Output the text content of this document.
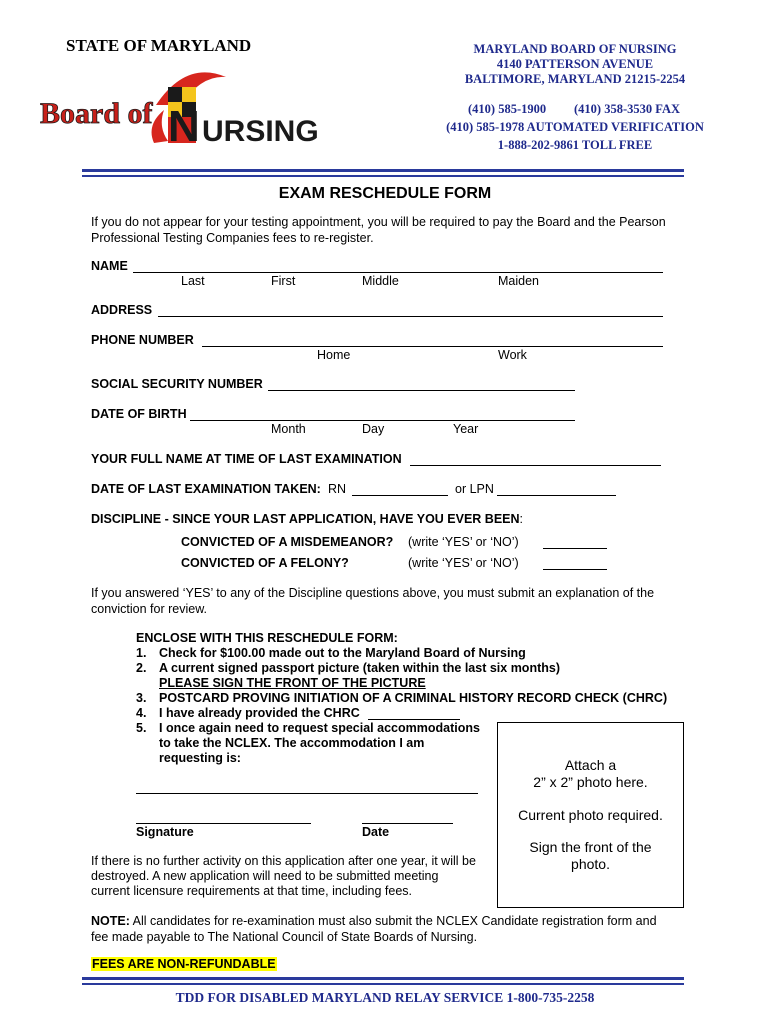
STATE OF MARYLAND
Board of N URSING
MARYLAND BOARD OF NURSING
4140 PATTERSON AVENUE
BALTIMORE, MARYLAND 21215-2254
(410) 585-1900 (410) 358-3530 FAX
(410) 585-1978 AUTOMATED VERIFICATION
1-888-202-9861 TOLL FREE
EXAM RESCHEDULE FORM
If you do not appear for your testing appointment, you will be required to pay the Board and the Pearson
Professional Testing Companies fees to re-register.
NAME
Last	First	Middle	Maiden
ADDRESS
PHONE NUMBER
Home	Work
SOCIAL SECURITY NUMBER
DATE OF BIRTH
Month	Day	Year
YOUR FULL NAME AT TIME OF LAST EXAMINATION
DATE OF LAST EXAMINATION TAKEN: RN	or LPN
DISCIPLINE - SINCE YOUR LAST APPLICATION, HAVE YOU EVER BEEN:
CONVICTED OF A MISDEMEANOR? (write ‘YES’ or ‘NO’)
CONVICTED OF A FELONY?	(write ‘YES’ or ‘NO’)
If you answered ‘YES’ to any of the Discipline questions above, you must submit an explanation of the
conviction for review.
ENCLOSE WITH THIS RESCHEDULE FORM:
1. Check for $100.00 made out to the Maryland Board of Nursing
2. A current signed passport picture (taken within the last six months)
PLEASE SIGN THE FRONT OF THE PICTURE
3. POSTCARD PROVING INITIATION OF A CRIMINAL HISTORY RECORD CHECK (CHRC)
4. I have already provided the CHRC
5. I once again need to request special accommodations
to take the NCLEX. The accommodation I am
requesting is:
Signature	Date
If there is no further activity on this application after one year, it will be
destroyed. A new application will need to be submitted meeting
current licensure requirements at that time, including fees.
Attach a
2” x 2” photo here.
Current photo required.
Sign the front of the
photo.
NOTE: All candidates for re-examination must also submit the NCLEX Candidate registration form and
fee made payable to The National Council of State Boards of Nursing.
FEES ARE NON-REFUNDABLE
TDD FOR DISABLED MARYLAND RELAY SERVICE 1-800-735-2258
